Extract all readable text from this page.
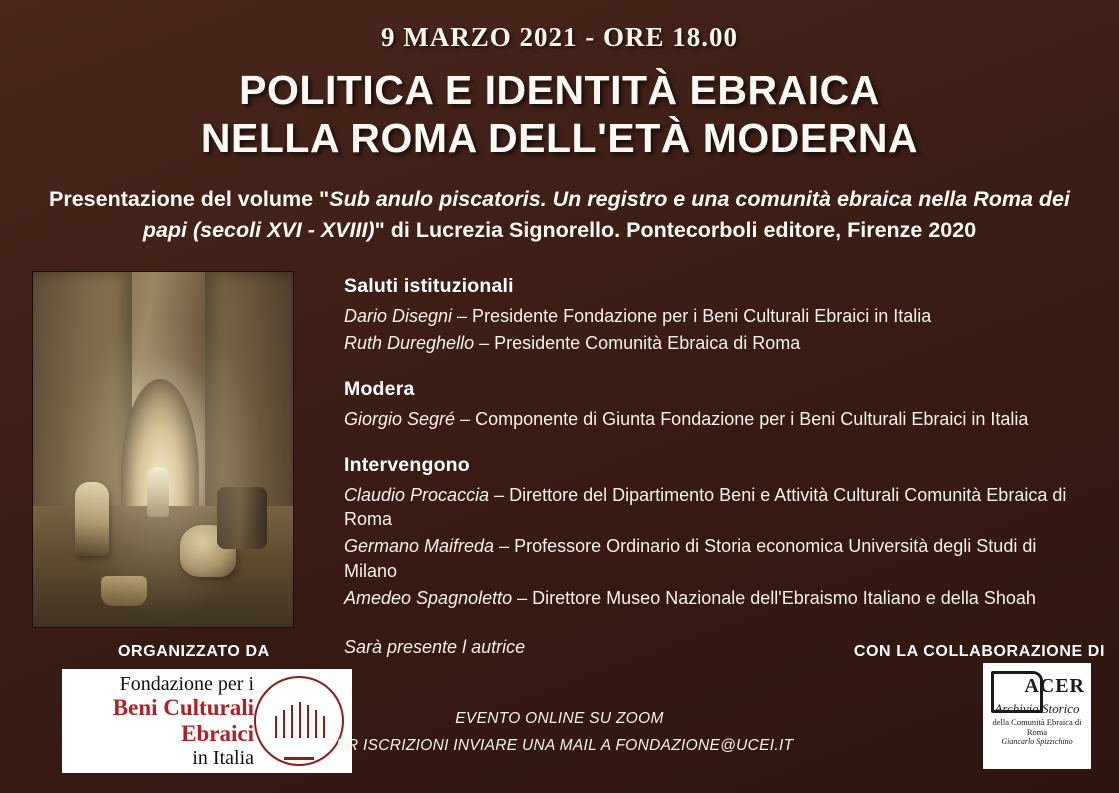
9 MARZO 2021 - ORE 18.00
POLITICA E IDENTITÀ EBRAICA
NELLA ROMA DELL'ETÀ MODERNA
Presentazione del volume "Sub anulo piscatoris. Un registro e una comunità ebraica nella Roma dei papi (secoli XVI - XVIII)" di Lucrezia Signorello. Pontecorboli editore, Firenze 2020
Saluti istituzionali
Dario Disegni – Presidente Fondazione per i Beni Culturali Ebraici in Italia
Ruth Dureghello – Presidente Comunità Ebraica di Roma
Modera
Giorgio Segré – Componente di Giunta Fondazione per i Beni Culturali Ebraici in Italia
Intervengono
Claudio Procaccia – Direttore del Dipartimento Beni e Attività Culturali Comunità Ebraica di Roma
Germano Maifreda – Professore Ordinario di Storia economica Università degli Studi di Milano
Amedeo Spagnoletto – Direttore Museo Nazionale dell'Ebraismo Italiano e della Shoah
Sarà presente l autrice
ORGANIZZATO DA	CON LA COLLABORAZIONE DI
Fondazione per i
Beni Culturali Ebraici
in Italia
EVENTO ONLINE SU ZOOM
PER ISCRIZIONI INVIARE UNA MAIL A FONDAZIONE@UCEI.IT
ACER
Archivio Storico
della Comunità Ebraica di Roma
Giancarlo Spizzichino
